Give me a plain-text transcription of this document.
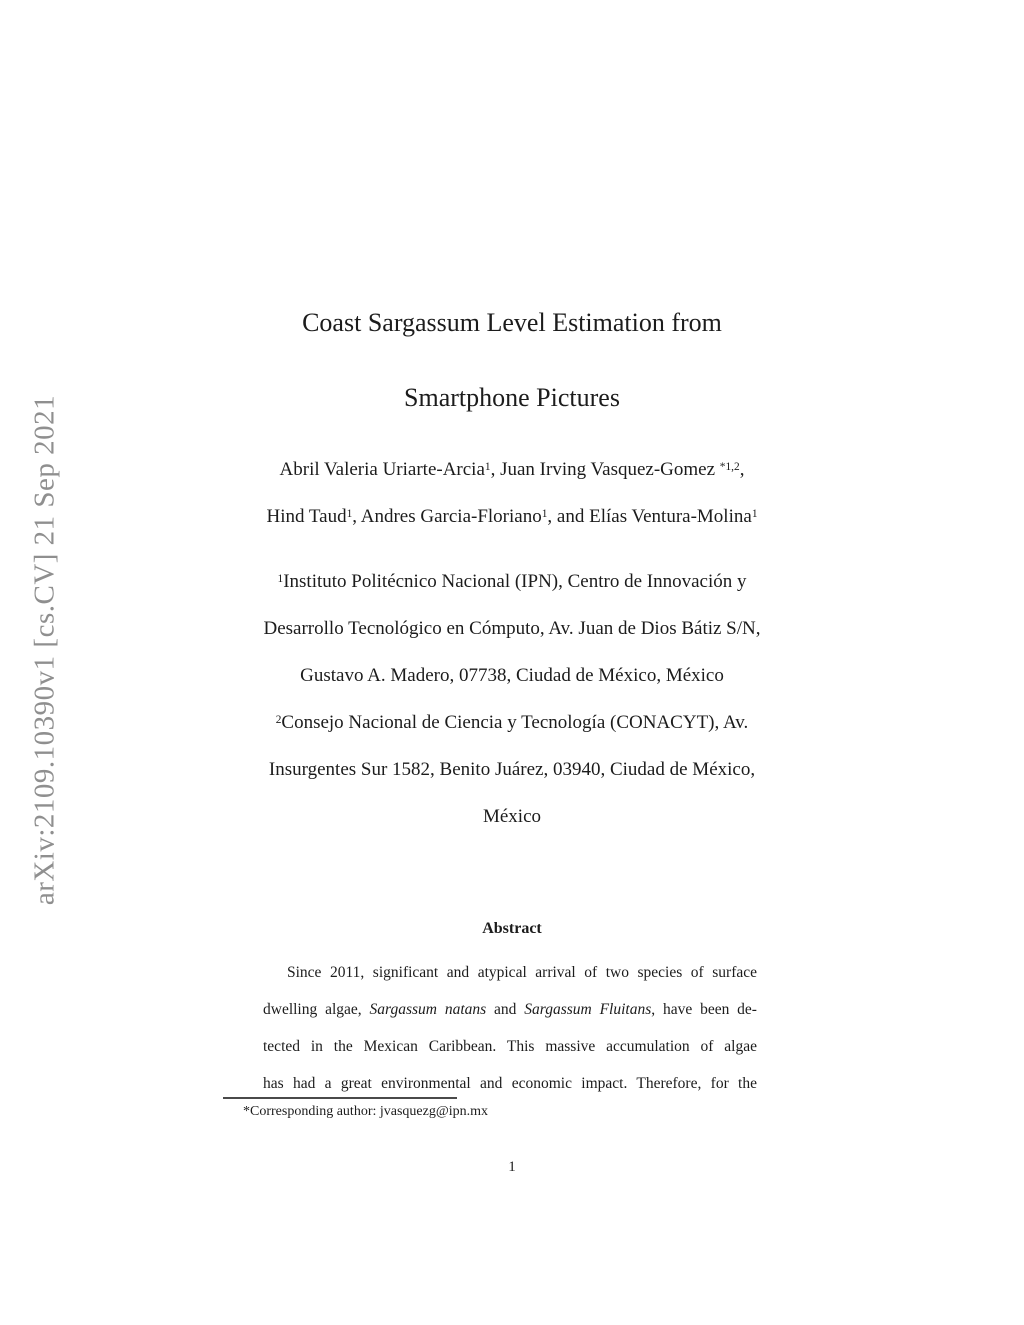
arXiv:2109.10390v1 [cs.CV] 21 Sep 2021
Coast Sargassum Level Estimation from
Smartphone Pictures
Abril Valeria Uriarte-Arcia$^1$, Juan Irving Vasquez-Gomez $^{*1,2}$,
Hind Taud$^1$, Andres Garcia-Floriano$^1$, and Elías Ventura-Molina$^1$
$^1$Instituto Politécnico Nacional (IPN), Centro de Innovación y
Desarrollo Tecnológico en Cómputo, Av. Juan de Dios Bátiz S/N,
Gustavo A. Madero, 07738, Ciudad de México, México
$^2$Consejo Nacional de Ciencia y Tecnología (CONACYT), Av.
Insurgentes Sur 1582, Benito Juárez, 03940, Ciudad de México,
México
Abstract
Since 2011, significant and atypical arrival of two species of surface
dwelling algae, Sargassum natans and Sargassum Fluitans, have been de-
tected in the Mexican Caribbean. This massive accumulation of algae
has had a great environmental and economic impact. Therefore, for the
*Corresponding author: jvasquezg@ipn.mx
1
